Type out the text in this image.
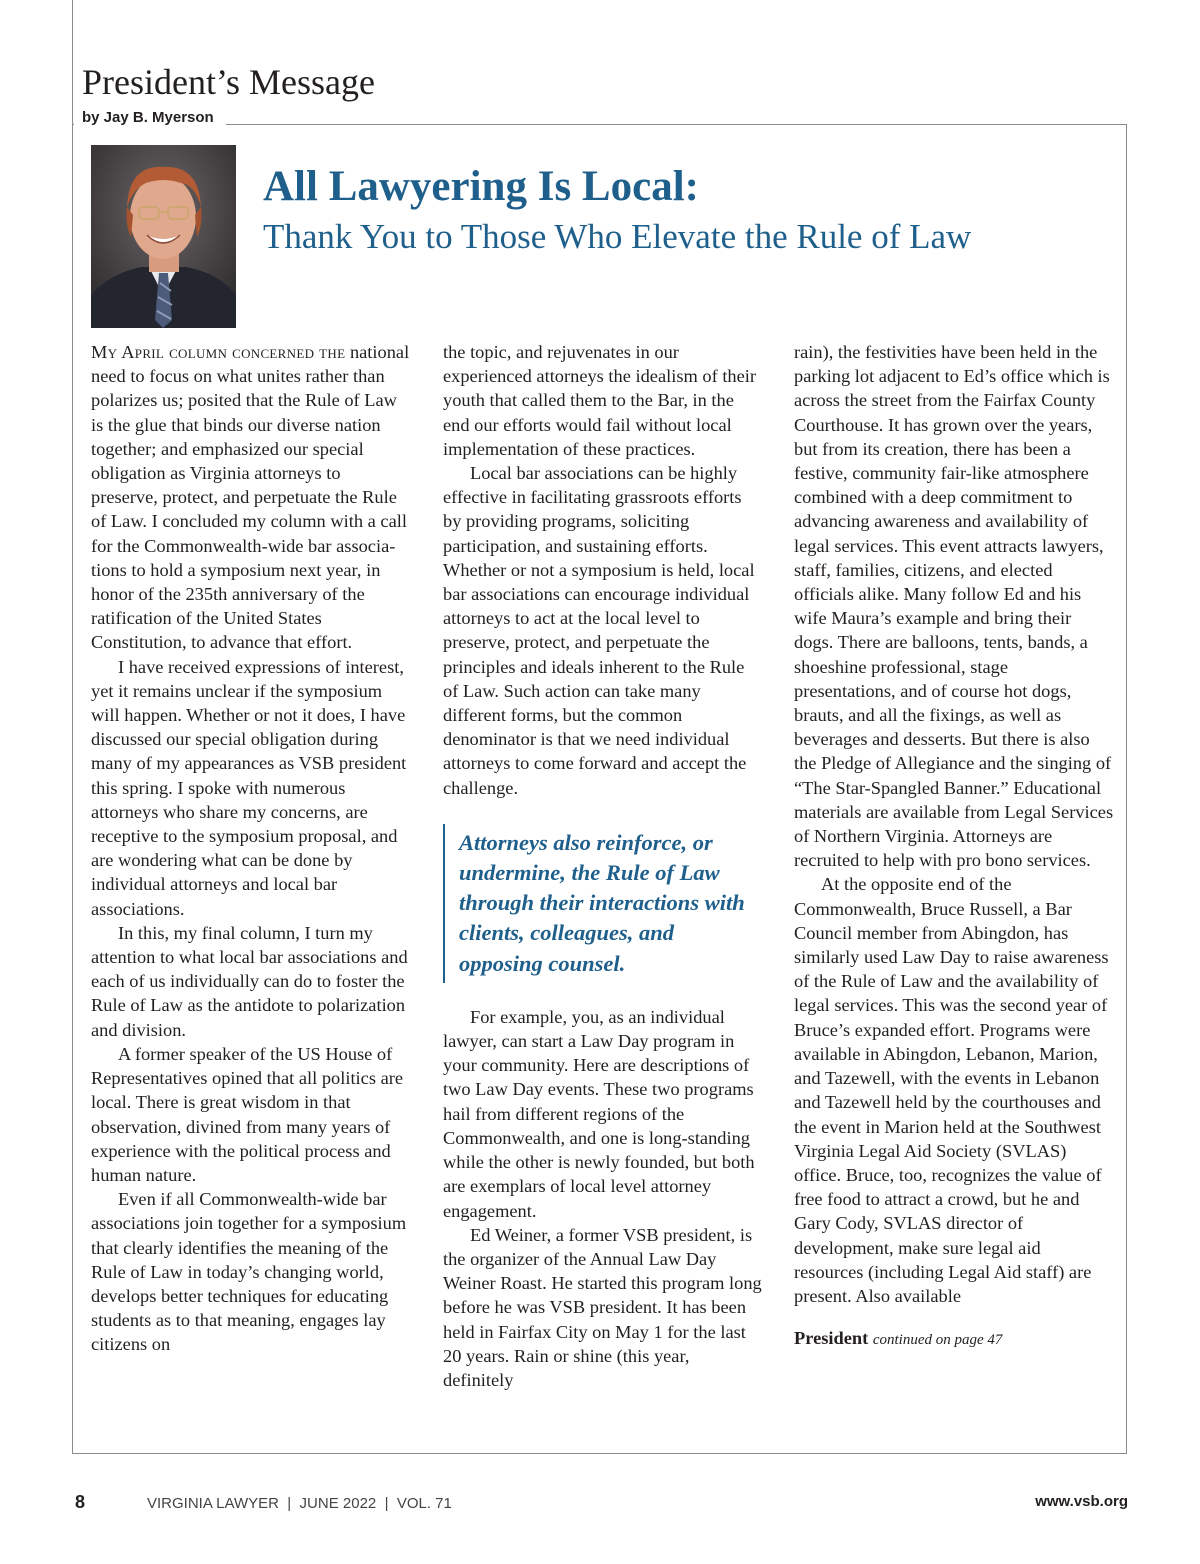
President’s Message
by Jay B. Myerson
All Lawyering Is Local:
Thank You to Those Who Elevate the Rule of Law

My April column concerned the national need to focus on what unites rather than polarizes us; posited that the Rule of Law is the glue that binds our diverse nation together; and emphasized our special obligation as Virginia attorneys to preserve, protect, and perpetuate the Rule of Law. I concluded my column with a call for the Commonwealth-wide bar associations to hold a symposium next year, in honor of the 235th anniversary of the ratification of the United States Constitution, to advance that effort.

I have received expressions of interest, yet it remains unclear if the symposium will happen. Whether or not it does, I have discussed our special obligation during many of my appearances as VSB president this spring. I spoke with numerous attorneys who share my concerns, are receptive to the symposium proposal, and are wondering what can be done by individual attorneys and local bar associations.

In this, my final column, I turn my attention to what local bar associations and each of us individually can do to foster the Rule of Law as the antidote to polarization and division.

A former speaker of the US House of Representatives opined that all politics are local. There is great wisdom in that observation, divined from many years of experience with the political process and human nature.

Even if all Commonwealth-wide bar associations join together for a symposium that clearly identifies the meaning of the Rule of Law in today’s changing world, develops better techniques for educating students as to that meaning, engages lay citizens on

the topic, and rejuvenates in our experienced attorneys the idealism of their youth that called them to the Bar, in the end our efforts would fail without local implementation of these practices.

Local bar associations can be highly effective in facilitating grassroots efforts by providing programs, soliciting participation, and sustaining efforts. Whether or not a symposium is held, local bar associations can encourage individual attorneys to act at the local level to preserve, protect, and perpetuate the principles and ideals inherent to the Rule of Law. Such action can take many different forms, but the common denominator is that we need individual attorneys to come forward and accept the challenge.

Attorneys also reinforce, or undermine, the Rule of Law through their interactions with clients, colleagues, and opposing counsel.

For example, you, as an individual lawyer, can start a Law Day program in your community. Here are descriptions of two Law Day events. These two programs hail from different regions of the Commonwealth, and one is long-standing while the other is newly founded, but both are exemplars of local level attorney engagement.

Ed Weiner, a former VSB president, is the organizer of the Annual Law Day Weiner Roast. He started this program long before he was VSB president. It has been held in Fairfax City on May 1 for the last 20 years. Rain or shine (this year, definitely

rain), the festivities have been held in the parking lot adjacent to Ed’s office which is across the street from the Fairfax County Courthouse. It has grown over the years, but from its creation, there has been a festive, community fair-like atmosphere combined with a deep commitment to advancing awareness and availability of legal services. This event attracts lawyers, staff, families, citizens, and elected officials alike. Many follow Ed and his wife Maura’s example and bring their dogs. There are balloons, tents, bands, a shoeshine professional, stage presentations, and of course hot dogs, brauts, and all the fixings, as well as beverages and desserts. But there is also the Pledge of Allegiance and the singing of “The Star-Spangled Banner.” Educational materials are available from Legal Services of Northern Virginia. Attorneys are recruited to help with pro bono services.

At the opposite end of the Commonwealth, Bruce Russell, a Bar Council member from Abingdon, has similarly used Law Day to raise awareness of the Rule of Law and the availability of legal services. This was the second year of Bruce’s expanded effort. Programs were available in Abingdon, Lebanon, Marion, and Tazewell, with the events in Lebanon and Tazewell held by the courthouses and the event in Marion held at the Southwest Virginia Legal Aid Society (SVLAS) office. Bruce, too, recognizes the value of free food to attract a crowd, but he and Gary Cody, SVLAS director of development, make sure legal aid resources (including Legal Aid staff) are present. Also available

President continued on page 47

8	VIRGINIA LAWYER  |  JUNE 2022  |  VOL. 71	www.vsb.org
